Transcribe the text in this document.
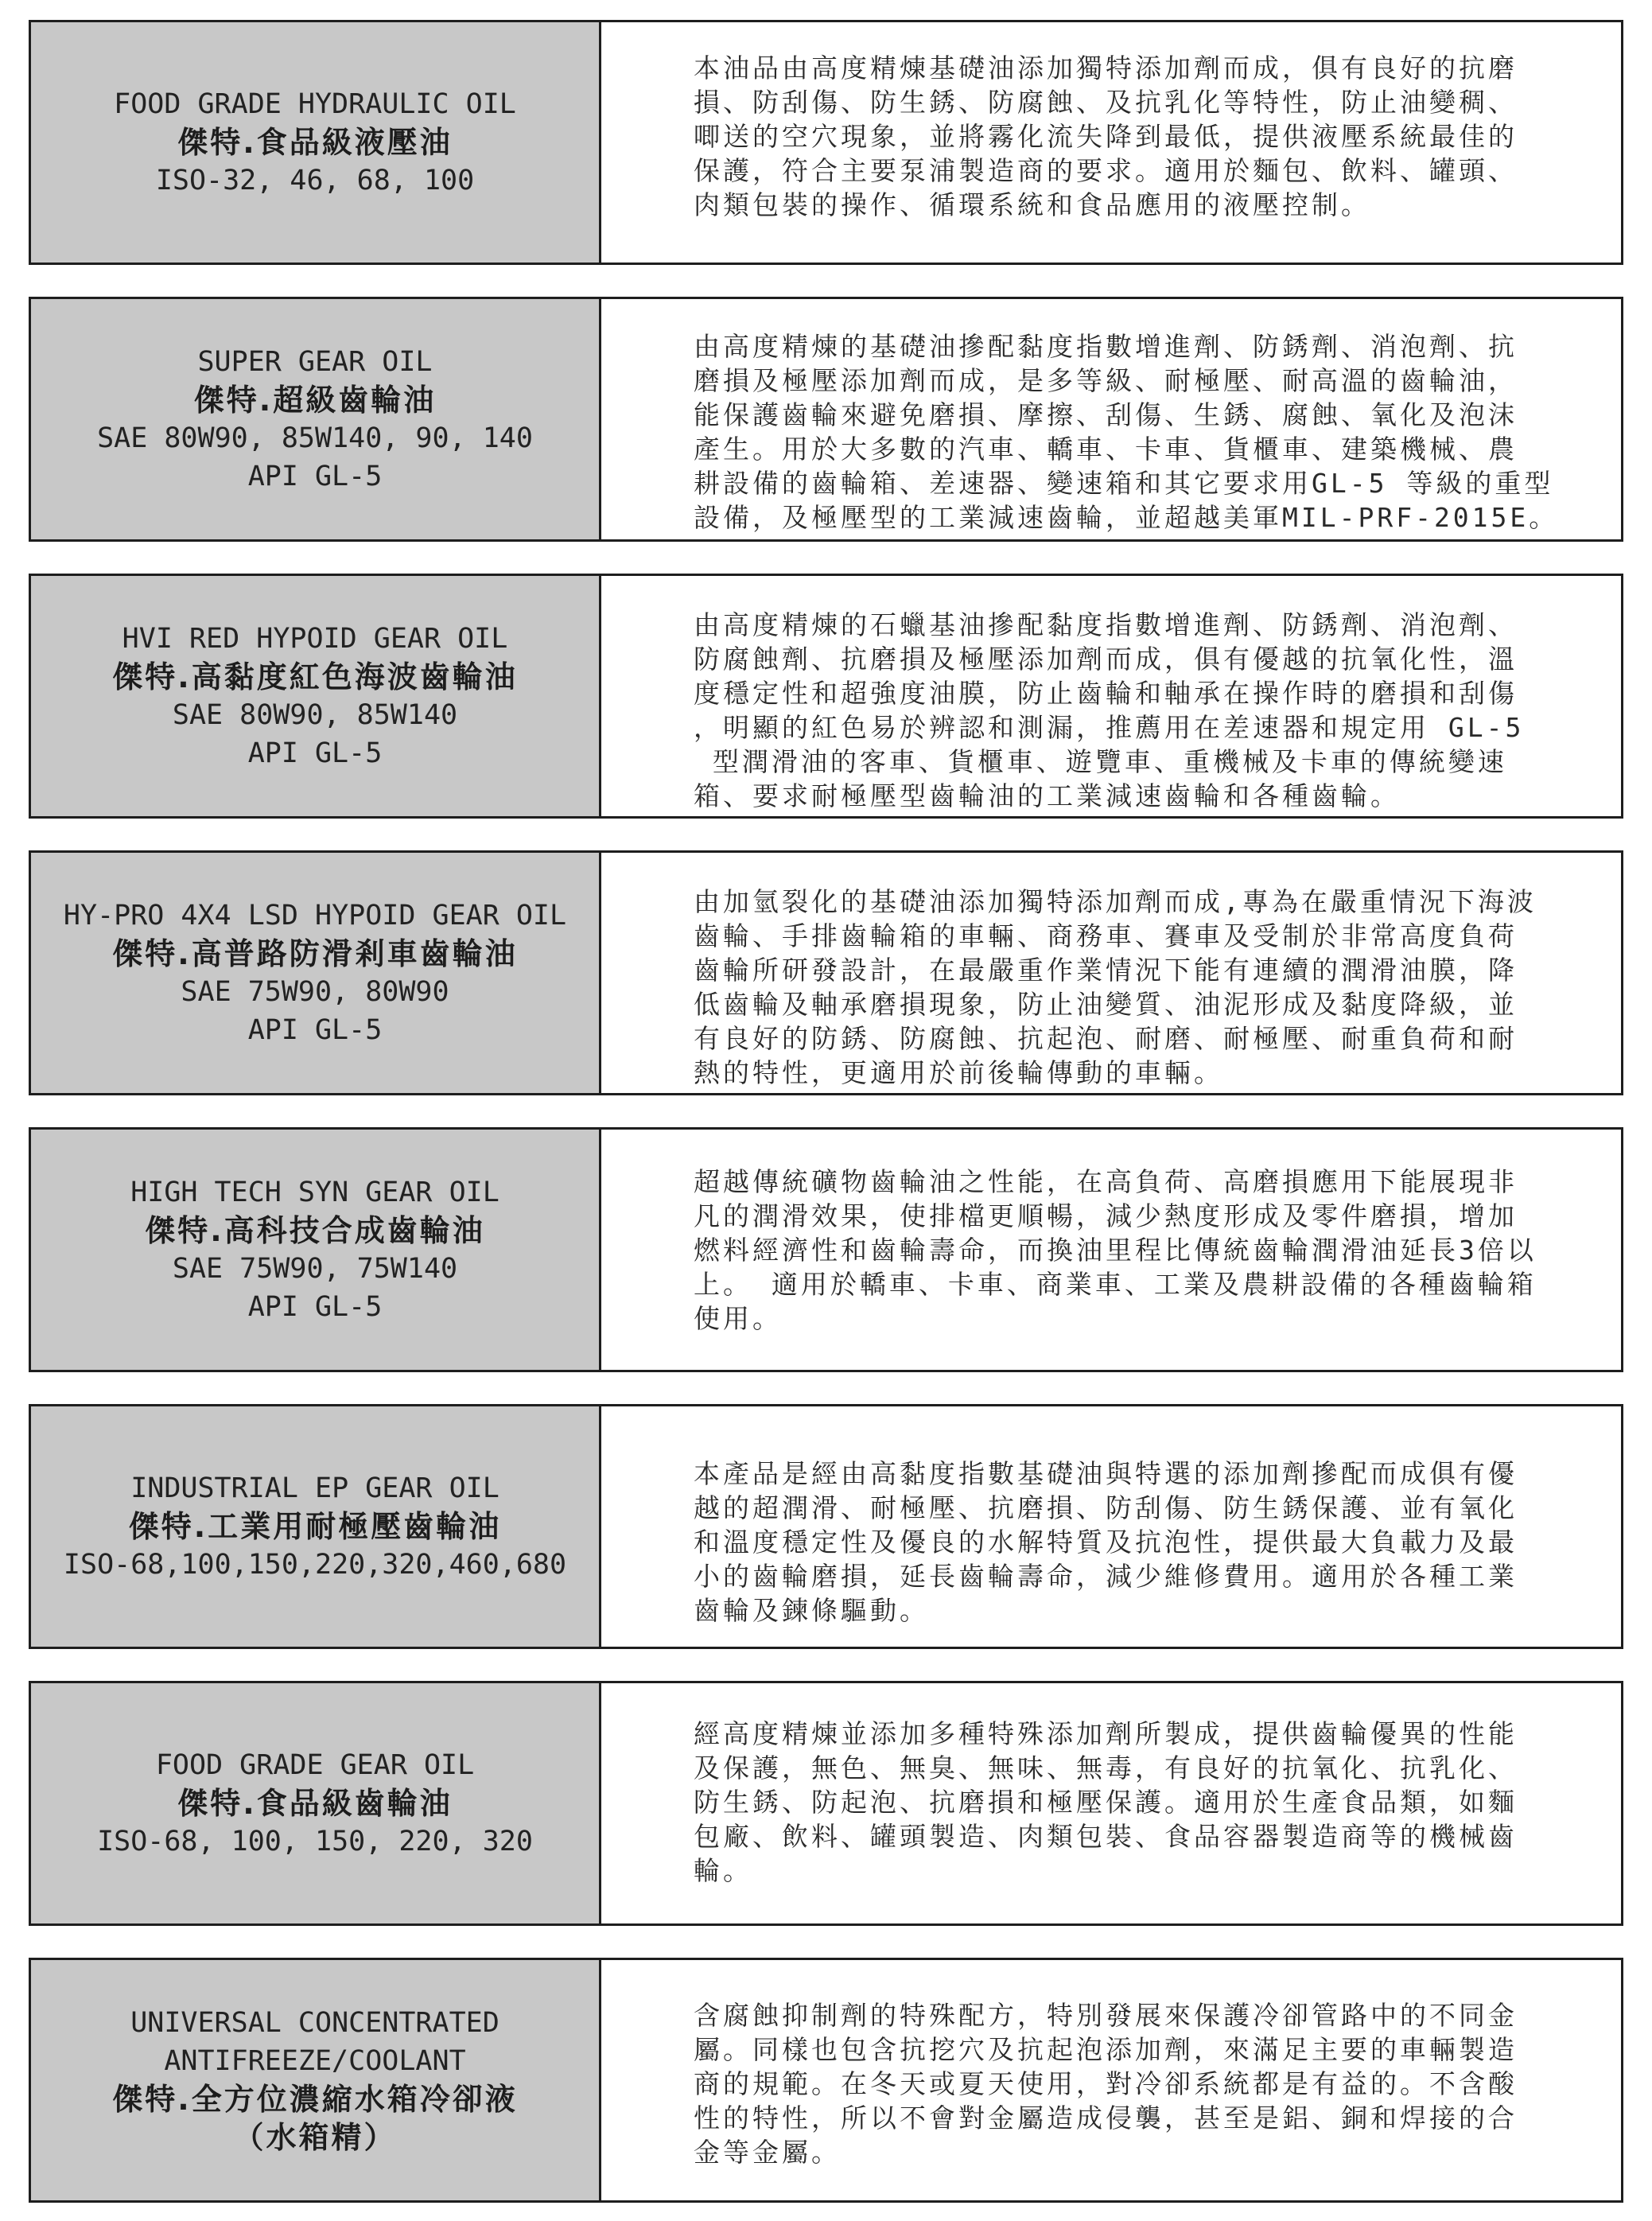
FOOD GRADE HYDRAULIC OIL
傑特.食品級液壓油
ISO-32, 46, 68, 100
本油品由高度精煉基礎油添加獨特添加劑而成，俱有良好的抗磨
損、防刮傷、防生銹、防腐蝕、及抗乳化等特性，防止油變稠、
唧送的空穴現象，並將霧化流失降到最低，提供液壓系統最佳的
保護，符合主要泵浦製造商的要求。適用於麵包、飲料、罐頭、
肉類包裝的操作、循環系統和食品應用的液壓控制。
SUPER GEAR OIL
傑特.超級齒輪油
SAE 80W90, 85W140, 90, 140
API GL-5
由高度精煉的基礎油摻配黏度指數增進劑、防銹劑、消泡劑、抗
磨損及極壓添加劑而成，是多等級、耐極壓、耐高溫的齒輪油，
能保護齒輪來避免磨損、摩擦、刮傷、生銹、腐蝕、氧化及泡沫
產生。用於大多數的汽車、轎車、卡車、貨櫃車、建築機械、農
耕設備的齒輪箱、差速器、變速箱和其它要求用GL-5 等級的重型
設備，及極壓型的工業減速齒輪，並超越美軍MIL-PRF-2015E。
HVI RED HYPOID GEAR OIL
傑特.高黏度紅色海波齒輪油
SAE 80W90, 85W140
API GL-5
由高度精煉的石蠟基油摻配黏度指數增進劑、防銹劑、消泡劑、
防腐蝕劑、抗磨損及極壓添加劑而成，俱有優越的抗氧化性，溫
度穩定性和超強度油膜，防止齒輪和軸承在操作時的磨損和刮傷
，明顯的紅色易於辨認和測漏，推薦用在差速器和規定用 GL-5
型潤滑油的客車、貨櫃車、遊覽車、重機械及卡車的傳統變速
箱、要求耐極壓型齒輪油的工業減速齒輪和各種齒輪。
HY-PRO 4X4 LSD HYPOID GEAR OIL
傑特.高普路防滑剎車齒輪油
SAE 75W90, 80W90
API GL-5
由加氫裂化的基礎油添加獨特添加劑而成,專為在嚴重情況下海波
齒輪、手排齒輪箱的車輛、商務車、賽車及受制於非常高度負荷
齒輪所研發設計，在最嚴重作業情況下能有連續的潤滑油膜，降
低齒輪及軸承磨損現象，防止油變質、油泥形成及黏度降級，並
有良好的防銹、防腐蝕、抗起泡、耐磨、耐極壓、耐重負荷和耐
熱的特性，更適用於前後輪傳動的車輛。
HIGH TECH SYN GEAR OIL
傑特.高科技合成齒輪油
SAE 75W90, 75W140
API GL-5
超越傳統礦物齒輪油之性能，在高負荷、高磨損應用下能展現非
凡的潤滑效果，使排檔更順暢，減少熱度形成及零件磨損，增加
燃料經濟性和齒輪壽命，而換油里程比傳統齒輪潤滑油延長3倍以
上。 適用於轎車、卡車、商業車、工業及農耕設備的各種齒輪箱
使用。
INDUSTRIAL EP GEAR OIL
傑特.工業用耐極壓齒輪油
ISO-68,100,150,220,320,460,680
本產品是經由高黏度指數基礎油與特選的添加劑摻配而成俱有優
越的超潤滑、耐極壓、抗磨損、防刮傷、防生銹保護、並有氧化
和溫度穩定性及優良的水解特質及抗泡性，提供最大負載力及最
小的齒輪磨損，延長齒輪壽命，減少維修費用。適用於各種工業
齒輪及鍊條驅動。
FOOD GRADE GEAR OIL
傑特.食品級齒輪油
ISO-68, 100, 150, 220, 320
經高度精煉並添加多種特殊添加劑所製成，提供齒輪優異的性能
及保護，無色、無臭、無味、無毒，有良好的抗氧化、抗乳化、
防生銹、防起泡、抗磨損和極壓保護。適用於生產食品類，如麵
包廠、飲料、罐頭製造、肉類包裝、食品容器製造商等的機械齒
輪。
UNIVERSAL CONCENTRATED
ANTIFREEZE/COOLANT
傑特.全方位濃縮水箱冷卻液
（水箱精）
含腐蝕抑制劑的特殊配方，特別發展來保護冷卻管路中的不同金
屬。同樣也包含抗挖穴及抗起泡添加劑，來滿足主要的車輛製造
商的規範。在冬天或夏天使用，對冷卻系統都是有益的。不含酸
性的特性，所以不會對金屬造成侵襲，甚至是鋁、銅和焊接的合
金等金屬。
